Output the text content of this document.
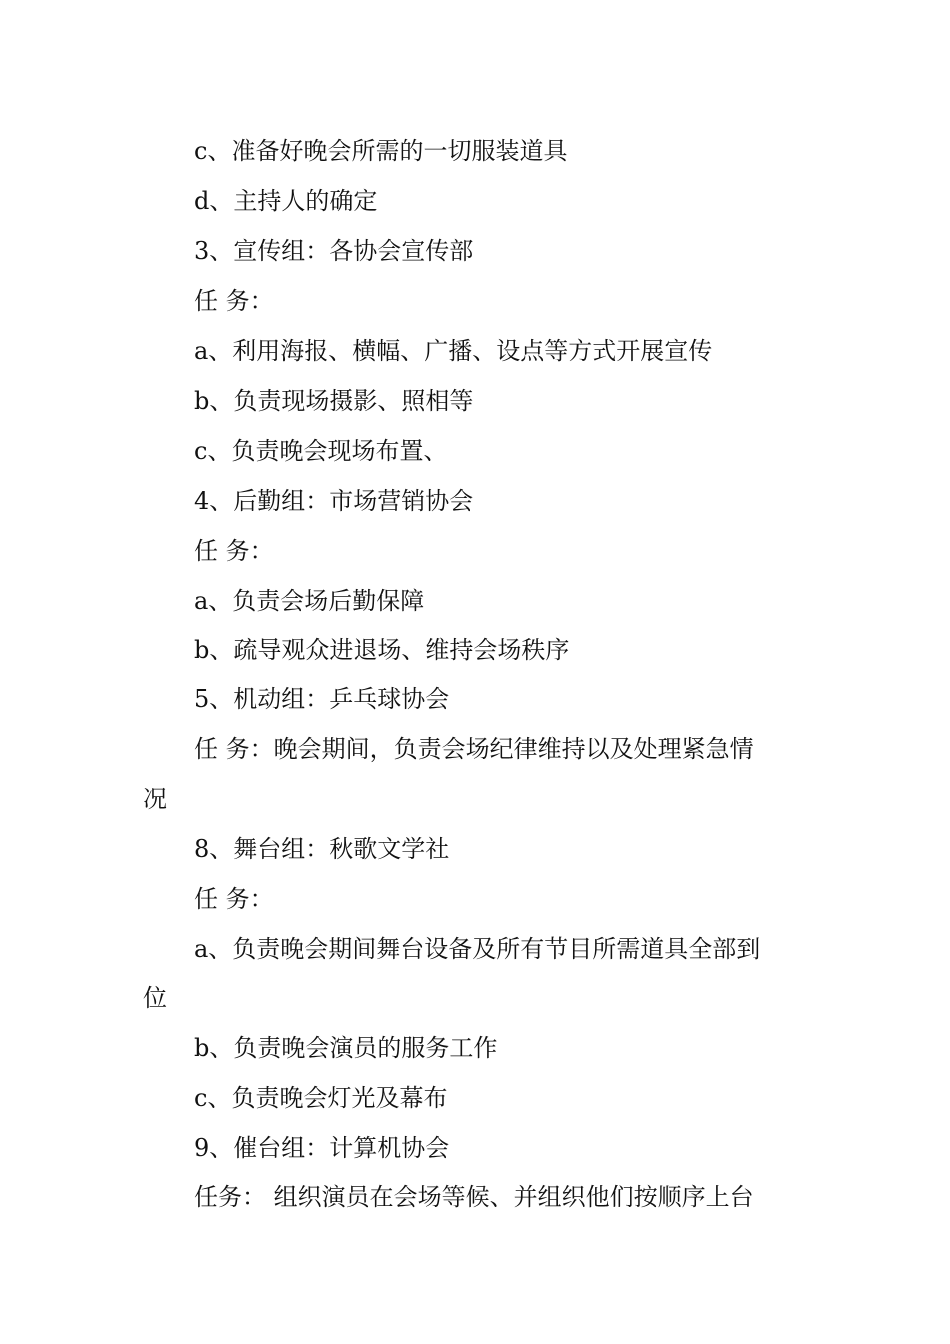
c、准备好晚会所需的一切服装道具
d、主持人的确定
3、宣传组：各协会宣传部
任 务：
a、利用海报、横幅、广播、设点等方式开展宣传
b、负责现场摄影、照相等
c、负责晚会现场布置、
4、后勤组：市场营销协会
任 务：
a、负责会场后勤保障
b、疏导观众进退场、维持会场秩序
5、机动组：乒乓球协会
任 务：晚会期间，负责会场纪律维持以及处理紧急情
况
8、舞台组：秋歌文学社
任 务：
a、负责晚会期间舞台设备及所有节目所需道具全部到
位
b、负责晚会演员的服务工作
c、负责晚会灯光及幕布
9、催台组：计算机协会
任务： 组织演员在会场等候、并组织他们按顺序上台
